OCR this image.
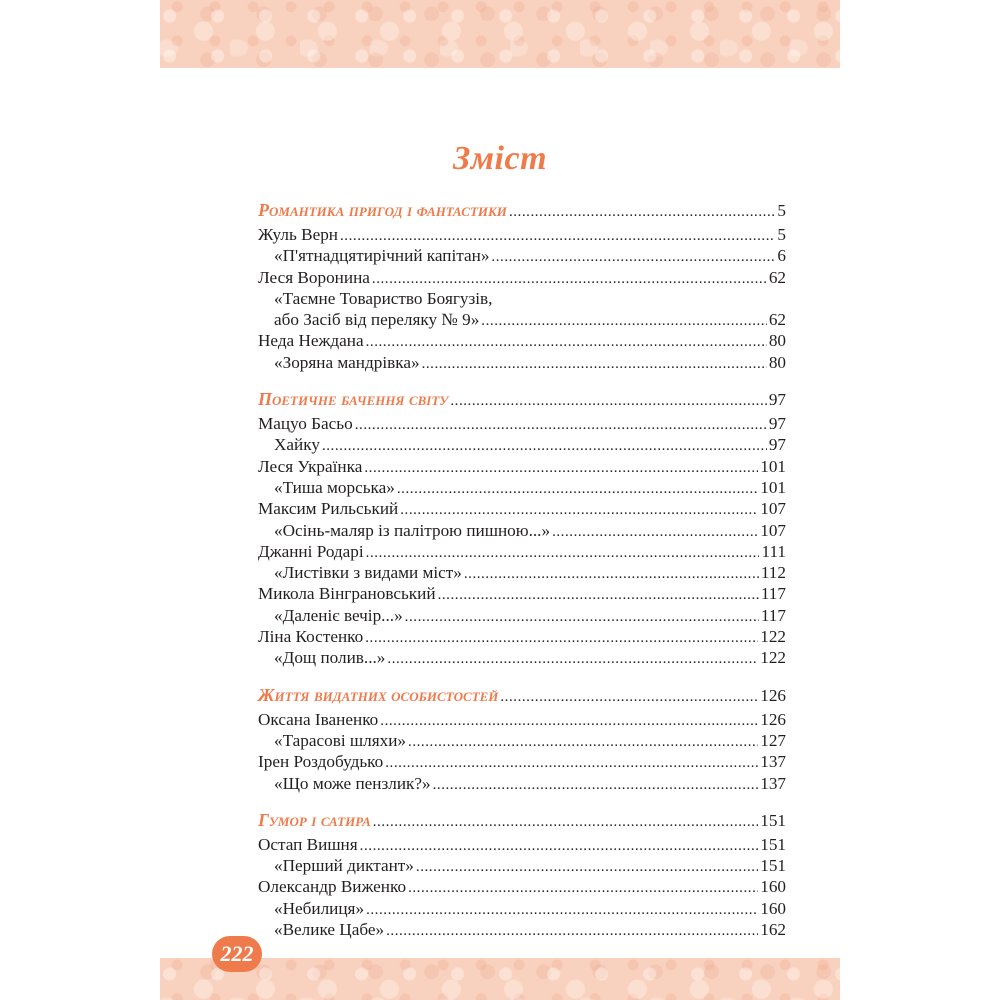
Зміст
Романтика пригод і фантастики . . .	5
Жуль Верн . . .	5
«П'ятнадцятирічний капітан» . . .	6
Леся Воронина . . .	62
«Таємне Товариство Боягузів,
або Засіб від переляку № 9» . . .	62
Неда Нежданa . . .	80
«Зоряна мандрівка» . . .	80
Поетичне бачення світу . . .	97
Мацуо Басьо . . .	97
Хайку . . .	97
Леся Українка . . .	101
«Тиша морська» . . .	101
Максим Рильський . . .	107
«Осінь-маляр із палітрою пишною...» . . .	107
Джанні Родарі . . .	111
«Листівки з видами міст» . . .	112
Микола Вінграновський . . .	117
«Даленіє вечір...» . . .	117
Ліна Костенко . . .	122
«Дощ полив...» . . .	122
Життя видатних особистостей . . .	126
Оксана Іваненко . . .	126
«Тарасові шляхи» . . .	127
Ірен Роздобудько . . .	137
«Що може пензлик?» . . .	137
Гумор і сатира . . .	151
Остап Вишня . . .	151
«Перший диктант» . . .	151
Олександр Виженко . . .	160
«Небилиця» . . .	160
«Велике Цабе» . . .	162
222
